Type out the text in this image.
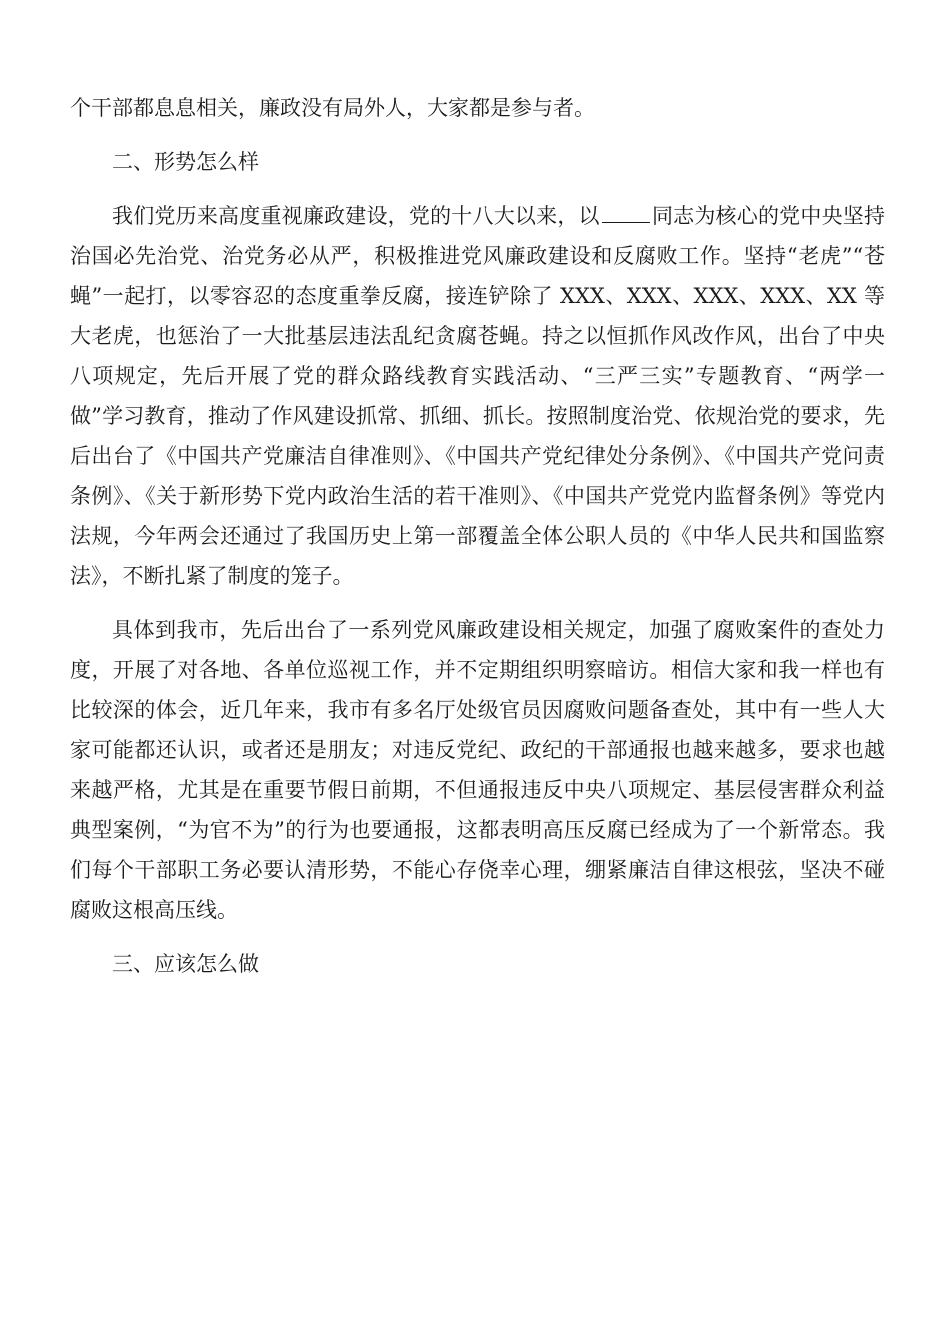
个干部都息息相关，廉政没有局外人，大家都是参与者。

二、形势怎么样

我们党历来高度重视廉政建设，党的十八大以来，以 同志为核心的党中央坚持治国必先治党、治党务必从严，积极推进党风廉政建设和反腐败工作。坚持“老虎”“苍蝇”一起打，以零容忍的态度重拳反腐，接连铲除了 XXX、XXX、XXX、XXX、XX 等大老虎，也惩治了一大批基层违法乱纪贪腐苍蝇。持之以恒抓作风改作风，出台了中央八项规定，先后开展了党的群众路线教育实践活动、“三严三实”专题教育、“两学一做”学习教育，推动了作风建设抓常、抓细、抓长。按照制度治党、依规治党的要求，先后出台了《中国共产党廉洁自律准则》、《中国共产党纪律处分条例》、《中国共产党问责条例》、《关于新形势下党内政治生活的若干准则》、《中国共产党党内监督条例》等党内法规，今年两会还通过了我国历史上第一部覆盖全体公职人员的《中华人民共和国监察法》，不断扎紧了制度的笼子。

具体到我市，先后出台了一系列党风廉政建设相关规定，加强了腐败案件的查处力度，开展了对各地、各单位巡视工作，并不定期组织明察暗访。相信大家和我一样也有比较深的体会，近几年来，我市有多名厅处级官员因腐败问题备查处，其中有一些人大家可能都还认识，或者还是朋友；对违反党纪、政纪的干部通报也越来越多，要求也越来越严格，尤其是在重要节假日前期，不但通报违反中央八项规定、基层侵害群众利益典型案例，“为官不为”的行为也要通报，这都表明高压反腐已经成为了一个新常态。我们每个干部职工务必要认清形势，不能心存侥幸心理，绷紧廉洁自律这根弦，坚决不碰腐败这根高压线。

三、应该怎么做
